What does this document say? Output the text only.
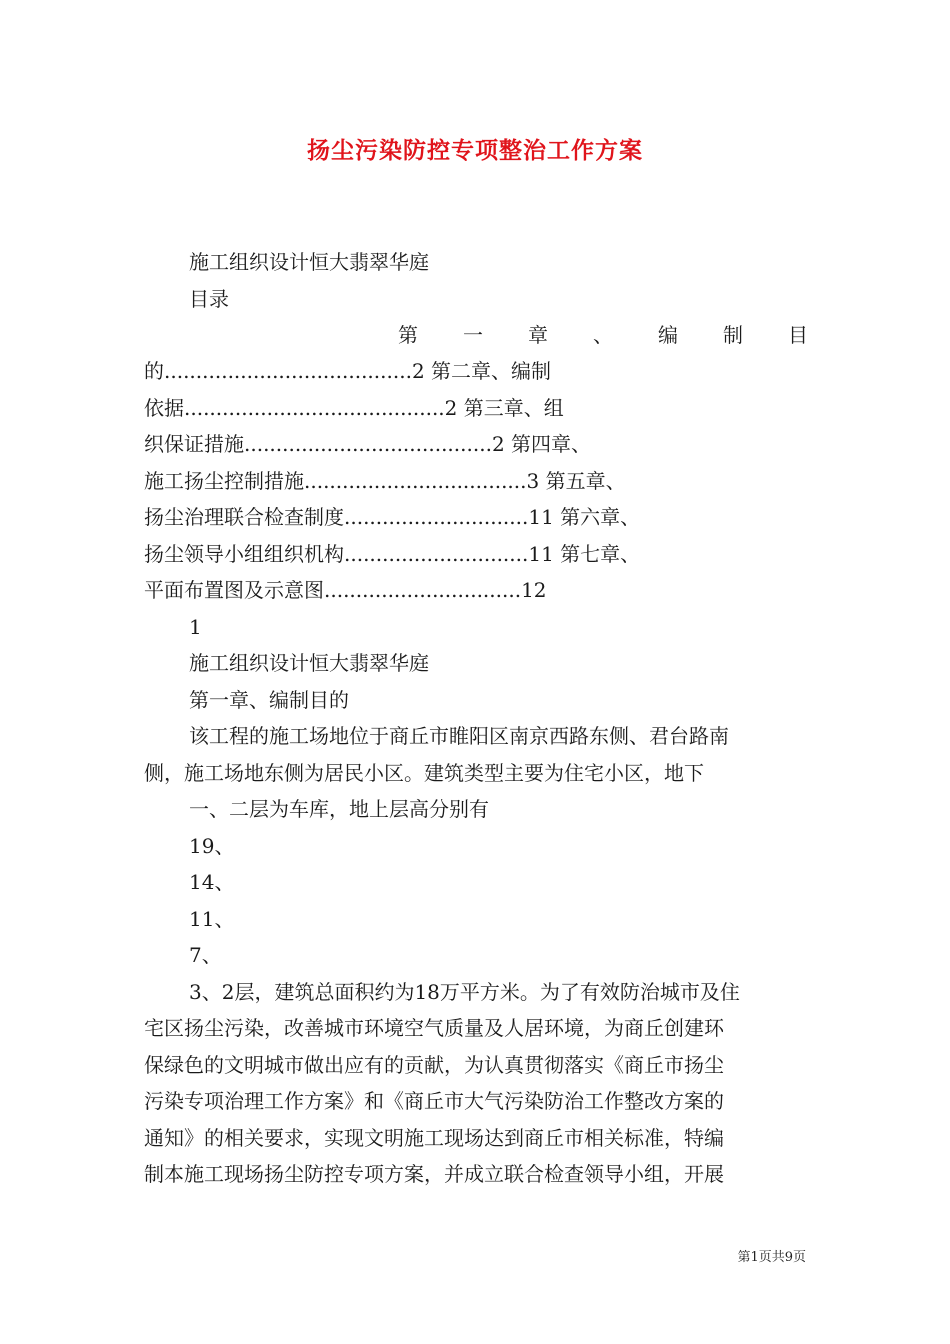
扬尘污染防控专项整治工作方案
施工组织设计恒大翡翠华庭
目录
第 一 章 、 编 制 目
的.......................................2 第二章、编制
依据.........................................2 第三章、组
织保证措施.......................................2 第四章、
施工扬尘控制措施...................................3 第五章、
扬尘治理联合检查制度.............................11 第六章、
扬尘领导小组组织机构.............................11 第七章、
平面布置图及示意图...............................12
1
施工组织设计恒大翡翠华庭
第一章、编制目的
该工程的施工场地位于商丘市睢阳区南京西路东侧、君台路南
侧，施工场地东侧为居民小区。建筑类型主要为住宅小区，地下
一、二层为车库，地上层高分别有
19、
14、
11、
7、
3、2层，建筑总面积约为18万平方米。为了有效防治城市及住
宅区扬尘污染，改善城市环境空气质量及人居环境，为商丘创建环
保绿色的文明城市做出应有的贡献，为认真贯彻落实《商丘市扬尘
污染专项治理工作方案》和《商丘市大气污染防治工作整改方案的
通知》的相关要求，实现文明施工现场达到商丘市相关标准，特编
制本施工现场扬尘防控专项方案，并成立联合检查领导小组，开展
第1页共9页
